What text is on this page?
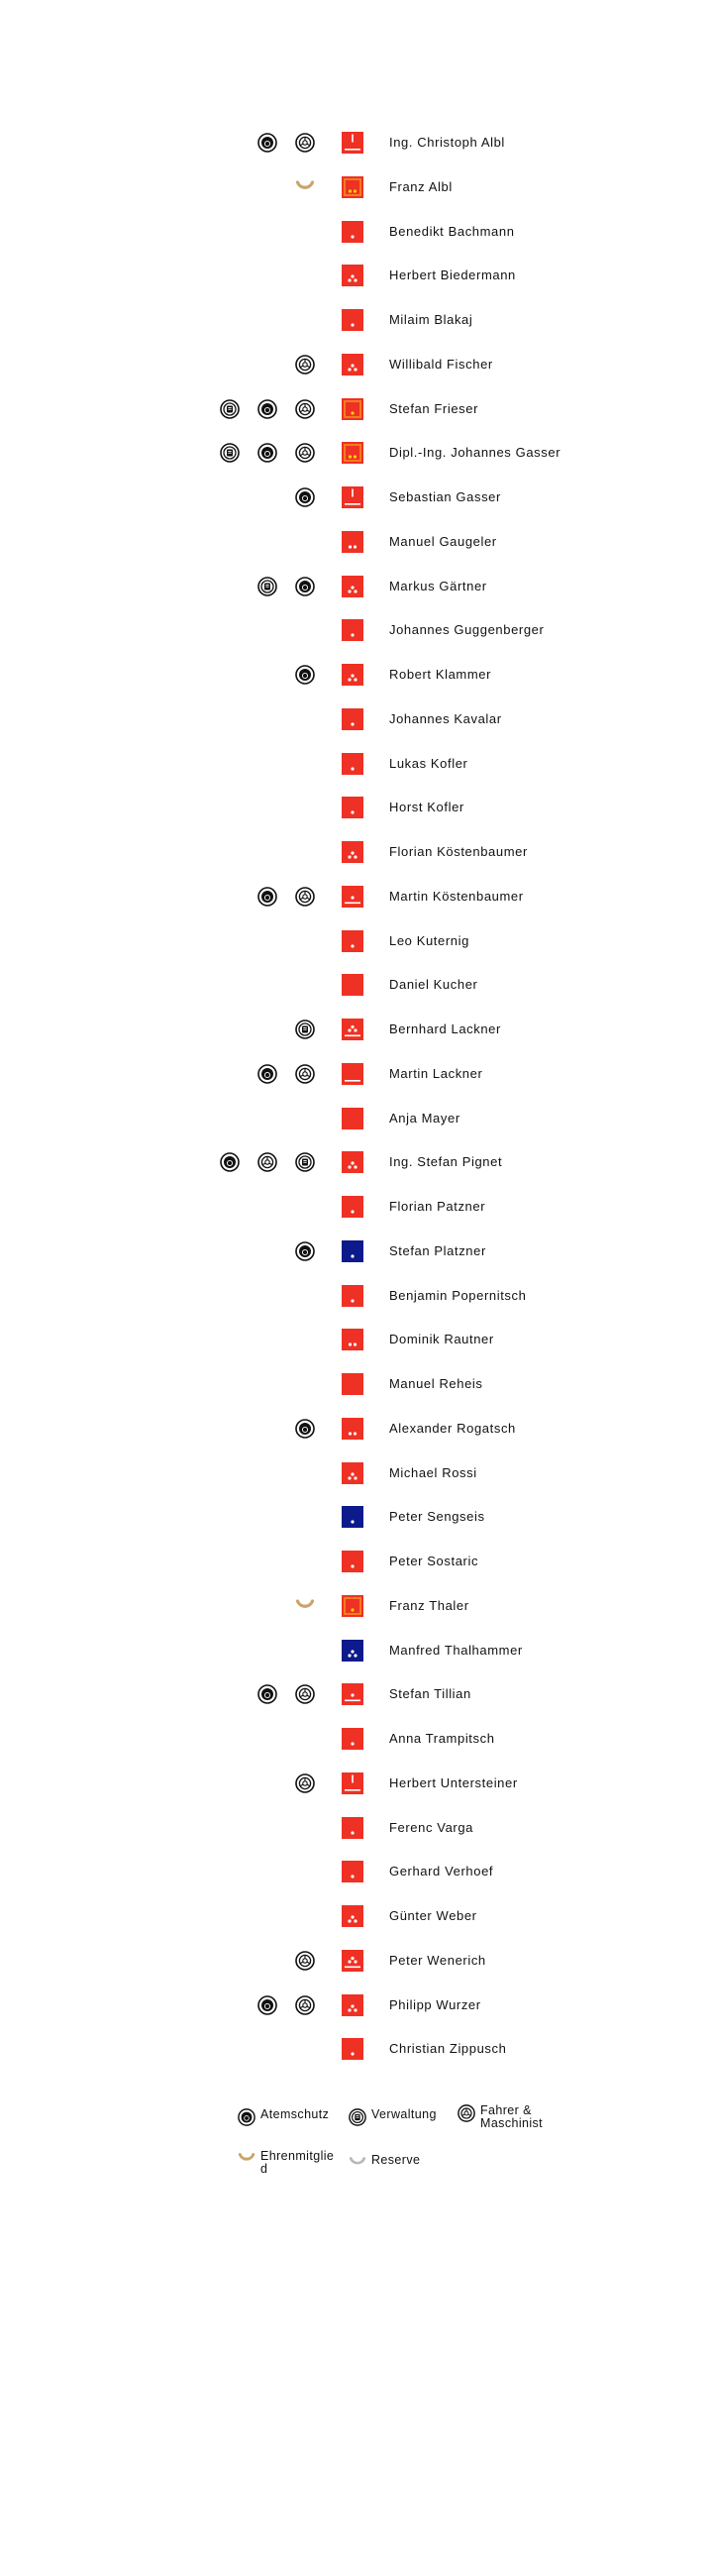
Ing. Christoph Albl
Franz Albl
Benedikt Bachmann
Herbert Biedermann
Milaim Blakaj
Willibald Fischer
Stefan Frieser
Dipl.-Ing. Johannes Gasser
Sebastian Gasser
Manuel Gaugeler
Markus Gärtner
Johannes Guggenberger
Robert Klammer
Johannes Kavalar
Lukas Kofler
Horst Kofler
Florian Köstenbaumer
Martin Köstenbaumer
Leo Kuternig
Daniel Kucher
Bernhard Lackner
Martin Lackner
Anja Mayer
Ing. Stefan Pignet
Florian Patzner
Stefan Platzner
Benjamin Popernitsch
Dominik Rautner
Manuel Reheis
Alexander Rogatsch
Michael Rossi
Peter Sengseis
Peter Sostaric
Franz Thaler
Manfred Thalhammer
Stefan Tillian
Anna Trampitsch
Herbert Untersteiner
Ferenc Varga
Gerhard Verhoef
Günter Weber
Peter Wenerich
Philipp Wurzer
Christian Zippusch
Atemschutz	Verwaltung	Fahrer & Maschinist
Ehrenmitglied
Reserve
